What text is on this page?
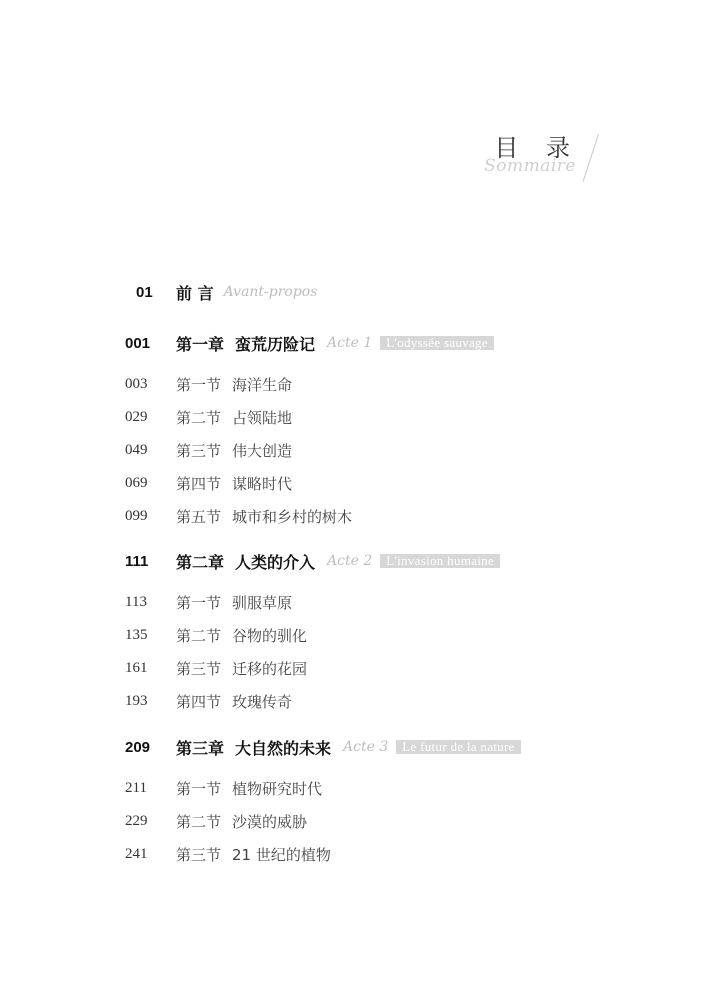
目 录
Sommaire
01 前 言 Avant-propos
001 第一章 蛮荒历险记 Acte 1	L'odyssée sauvage
003 第一节 海洋生命
029 第二节 占领陆地
049 第三节 伟大创造
069 第四节 谋略时代
099 第五节 城市和乡村的树木
111 第二章 人类的介入 Acte 2	L'invasion humaine
113 第一节 驯服草原
135 第二节 谷物的驯化
161 第三节 迁移的花园
193 第四节 玫瑰传奇
209 第三章 大自然的未来 Acte 3	Le futur de la nature
211 第一节 植物研究时代
229 第二节 沙漠的威胁
241 第三节 21 世纪的植物
